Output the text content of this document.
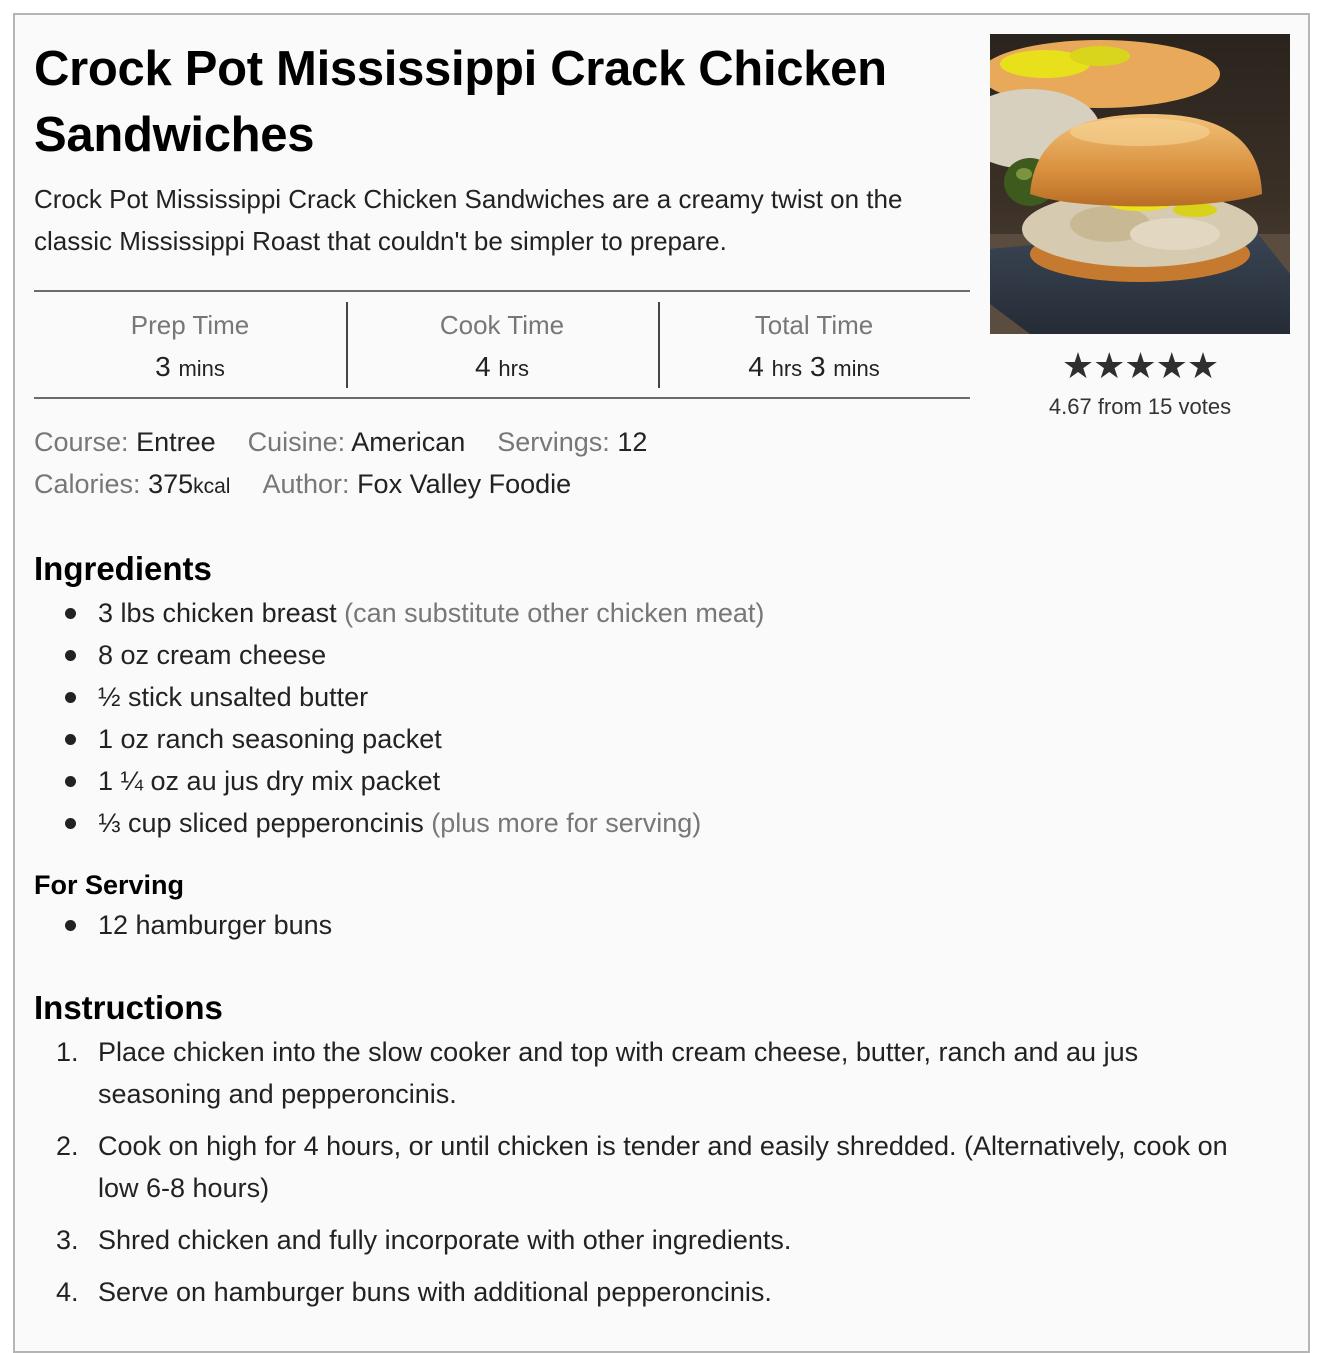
Crock Pot Mississippi Crack Chicken Sandwiches

Crock Pot Mississippi Crack Chicken Sandwiches are a creamy twist on the classic Mississippi Roast that couldn't be simpler to prepare.

Prep Time
3 mins
Cook Time
4 hrs
Total Time
4 hrs 3 mins	★★★★★
4.67 from 15 votes
Course: Entree Cuisine: American Servings: 12
Calories: 375kcal Author: Fox Valley Foodie
Ingredients
3 lbs chicken breast (can substitute other chicken meat)
8 oz cream cheese
½ stick unsalted butter
1 oz ranch seasoning packet
1 ¼ oz au jus dry mix packet
⅓ cup sliced pepperoncinis (plus more for serving)
For Serving
12 hamburger buns
Instructions
1. Place chicken into the slow cooker and top with cream cheese, butter, ranch and au jus seasoning and pepperoncinis.
2. Cook on high for 4 hours, or until chicken is tender and easily shredded. (Alternatively, cook on low 6-8 hours)
3. Shred chicken and fully incorporate with other ingredients.
4. Serve on hamburger buns with additional pepperoncinis.
